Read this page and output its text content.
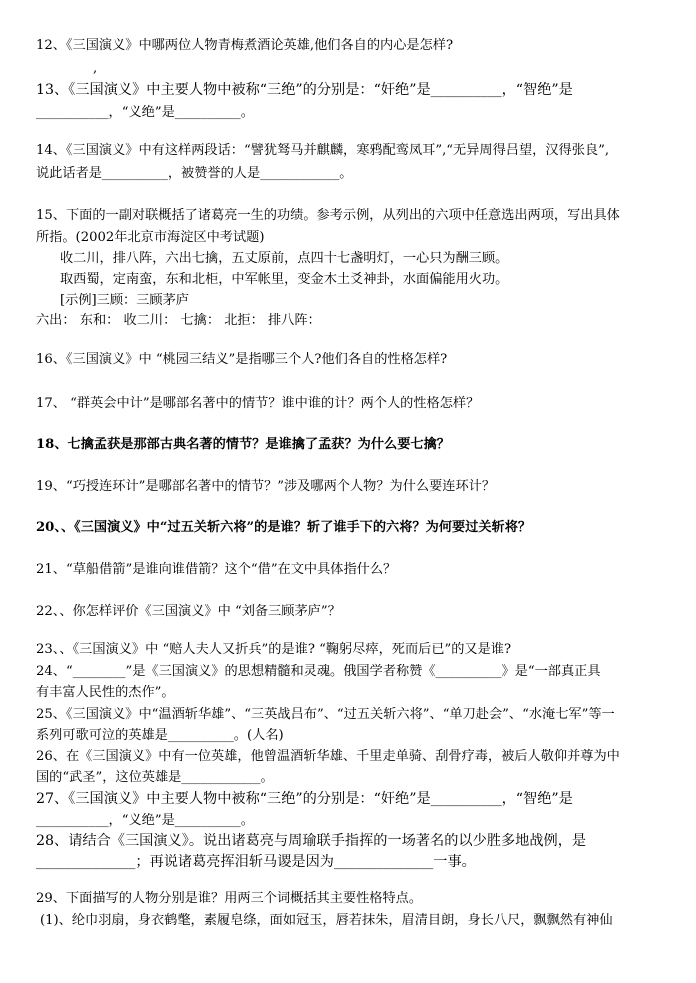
12、《三国演义》中哪两位人物青梅煮酒论英雄,他们各自的内心是怎样?
,
13、《三国演义》中主要人物中被称“三绝”的分别是：“奸绝”是__________，“智绝”是
___________，“义绝”是__________。
14、《三国演义》中有这样两段话：“譬犹驽马并麒麟，寒鸦配鸾凤耳”,“无异周得吕望，汉得张良”,
说此话者是__________，被赞誉的人是____________。
15、下面的一副对联概括了诸葛亮一生的功绩。参考示例，从列出的六项中任意选出两项，写出具体
所指。(2002年北京市海淀区中考试题)
收二川，排八阵，六出七擒，五丈原前，点四十七盏明灯，一心只为酬三顾。
取西蜀，定南蛮，东和北柜，中军帐里，变金木土爻神卦，水面偏能用火功。
[示例]三顾：三顾茅庐
六出： 东和： 收二川： 七擒： 北拒： 排八阵：
16、《三国演义》中 “桃园三结义”是指哪三个人?他们各自的性格怎样?
17、 “群英会中计”是哪部名著中的情节？谁中谁的计？两个人的性格怎样？
18、七擒孟获是那部古典名著的情节？是谁擒了孟获？为什么要七擒？
19、“巧授连环计”是哪部名著中的情节？”涉及哪两个人物？为什么要连环计？
20、、《三国演义》中“过五关斩六将”的是谁？斩了谁手下的六将？为何要过关斩将？
21、“草船借箭”是谁向谁借箭？这个“借”在文中具体指什么？
22、、你怎样评价《三国演义》中 “刘备三顾茅庐”？
23、、《三国演义》中 “赔人夫人又折兵”的是谁? “鞠躬尽瘁，死而后已”的又是谁?
24、“________”是《三国演义》的思想精髓和灵魂。俄国学者称赞《__________》是“一部真正具
有丰富人民性的杰作”。
25、《三国演义》中“温酒斩华雄”、“三英战吕布”、“过五关斩六将”、“单刀赴会”、“水淹七军”等一
系列可歌可泣的英雄是__________。(人名)
26、在《三国演义》中有一位英雄，他曾温酒斩华雄、千里走单骑、刮骨疗毒，被后人敬仰并尊为中
国的“武圣”，这位英雄是____________。
27、《三国演义》中主要人物中被称“三绝”的分别是：“奸绝”是__________，“智绝”是
___________，“义绝”是__________。
28、请结合《三国演义》。说出诸葛亮与周瑜联手指挥的一场著名的以少胜多地战例，是
______________；再说诸葛亮挥泪斩马谡是因为______________一事。
29、下面描写的人物分别是谁？用两三个词概括其主要性格特点。
(1)、纶巾羽扇，身衣鹤氅，素履皂绦，面如冠玉，唇若抹朱，眉清目朗，身长八尺，飘飘然有神仙
